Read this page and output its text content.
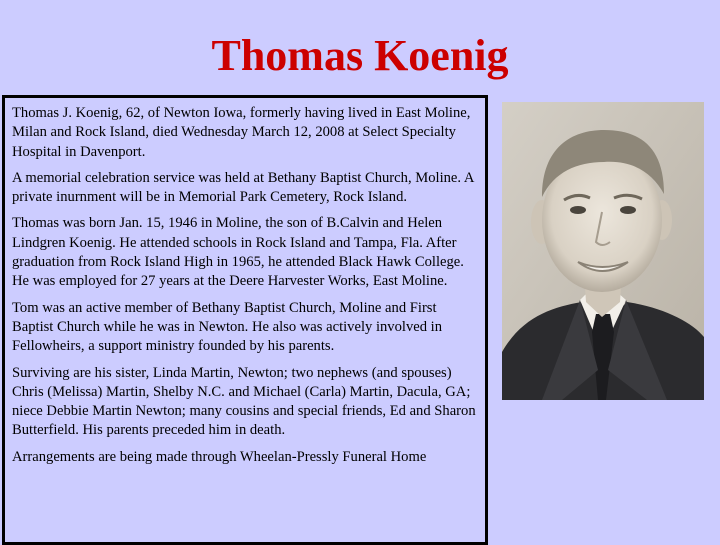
Thomas Koenig

Thomas J. Koenig, 62, of Newton Iowa, formerly having lived in East Moline, Milan and Rock Island, died Wednesday March 12, 2008 at Select Specialty Hospital in Davenport.

A memorial celebration service was held at Bethany Baptist Church, Moline. A private inurnment will be in Memorial Park Cemetery, Rock Island.

Thomas was born Jan. 15, 1946 in Moline, the son of B.Calvin and Helen Lindgren Koenig. He attended schools in Rock Island and Tampa, Fla. After graduation from Rock Island High in 1965, he attended Black Hawk College. He was employed for 27 years at the Deere Harvester Works, East Moline.

Tom was an active member of Bethany Baptist Church, Moline and First Baptist Church while he was in Newton. He also was actively involved in Fellowheirs, a support ministry founded by his parents.

Surviving are his sister, Linda Martin, Newton; two nephews (and spouses) Chris (Melissa) Martin, Shelby N.C. and Michael (Carla) Martin, Dacula, GA; niece Debbie Martin Newton; many cousins and special friends, Ed and Sharon Butterfield. His parents preceded him in death.

Arrangements are being made through Wheelan-Pressly Funeral Home
